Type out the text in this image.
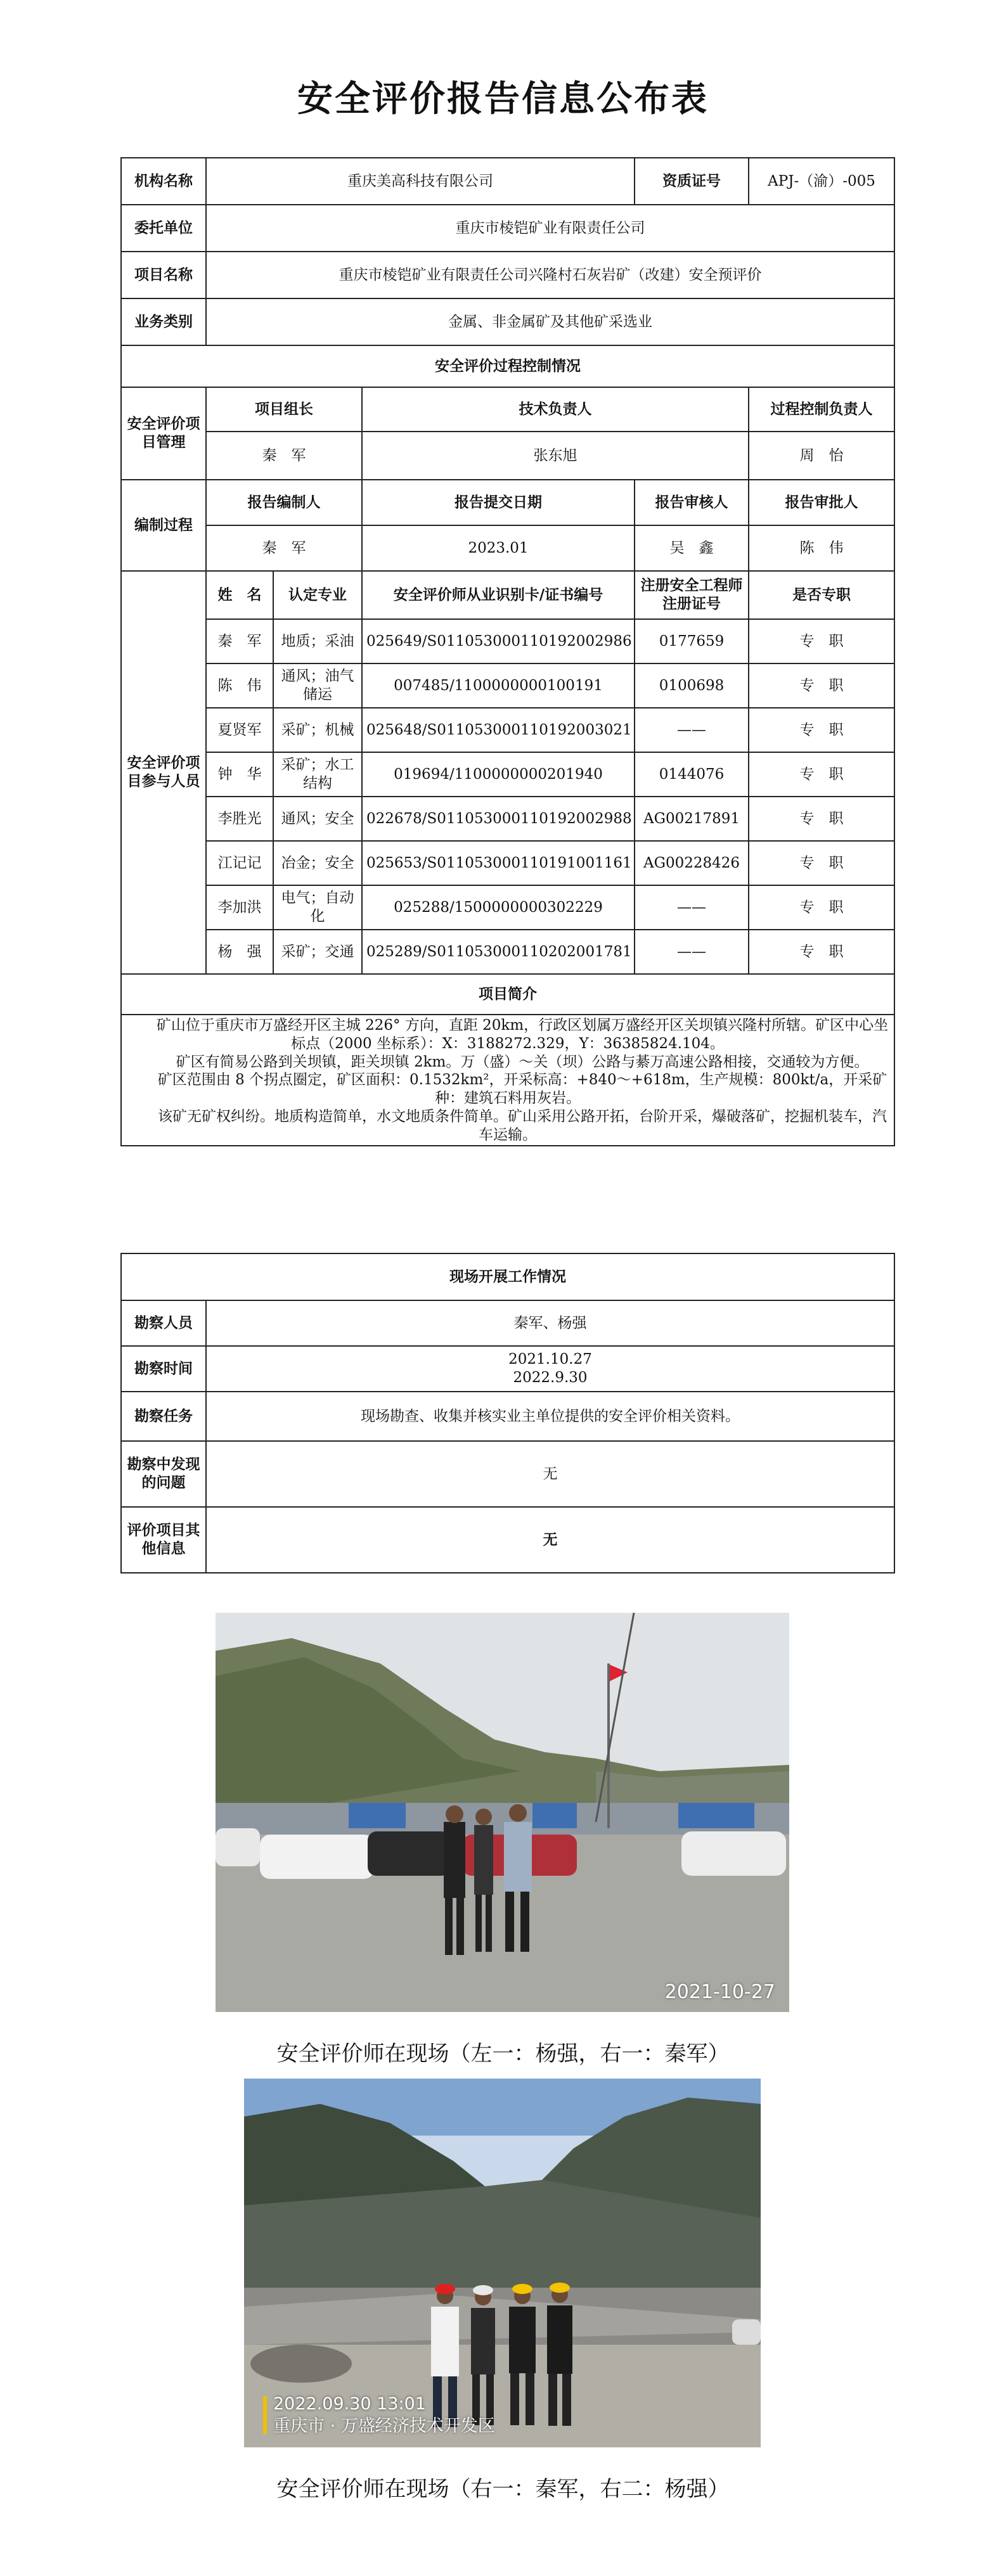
安全评价报告信息公布表
机构名称	重庆美高科技有限公司			资质证号	APJ-（渝）-005
委托单位	重庆市棱铠矿业有限责任公司				
项目名称	重庆市棱铠矿业有限责任公司兴隆村石灰岩矿（改建）安全预评价				
业务类别	金属、非金属矿及其他矿采选业				
安全评价过程控制情况					
安全评价项目管理	项目组长		技术负责人		过程控制负责人
	秦　军		张东旭		周　怡
编制过程	报告编制人		报告提交日期	报告审核人	报告审批人
	秦　军		2023.01	吴　鑫	陈　伟
安全评价项目参与人员	姓　名	认定专业	安全评价师从业识别卡/证书编号	注册安全工程师注册证号	是否专职
	秦　军	地质；采油	025649/S011053000110192002986	0177659	专　职
	陈　伟	通风；油气储运	007485/1100000000100191	0100698	专　职
	夏贤军	采矿；机械	025648/S011053000110192003021	——	专　职
	钟　华	采矿；水工结构	019694/1100000000201940	0144076	专　职
	李胜光	通风；安全	022678/S011053000110192002988	AG00217891	专　职
	江记记	冶金；安全	025653/S011053000110191001161	AG00228426	专　职
	李加洪	电气；自动化	025288/1500000000302229	——	专　职
	杨　强	采矿；交通	025289/S011053000110202001781	——	专　职
项目简介					

矿山位于重庆市万盛经开区主城 226° 方向，直距 20km，行政区划属万盛经开区关坝镇兴隆村所辖。矿区中心坐标点（2000 坐标系）：X：3188272.329，Y：36385824.104。

矿区有简易公路到关坝镇，距关坝镇 2km。万（盛）～关（坝）公路与綦万高速公路相接，交通较为方便。

矿区范围由 8 个拐点圈定，矿区面积：0.1532km²，开采标高：+840～+618m，生产规模：800kt/a，开采矿种：建筑石料用灰岩。

该矿无矿权纠纷。地质构造简单，水文地质条件简单。矿山采用公路开拓，台阶开采，爆破落矿，挖掘机装车，汽车运输。					

现场开展工作情况	
勘察人员	秦军、杨强
勘察时间	2021.10.27
2022.9.30

勘察任务	现场勘查、收集并核实业主单位提供的安全评价相关资料。
勘察中发现的问题	无
评价项目其他信息	无
2021-10-27
安全评价师在现场（左一：杨强，右一：秦军）
2022.09.30 13:01
重庆市 · 万盛经济技术开发区
安全评价师在现场（右一：秦军，右二：杨强）
